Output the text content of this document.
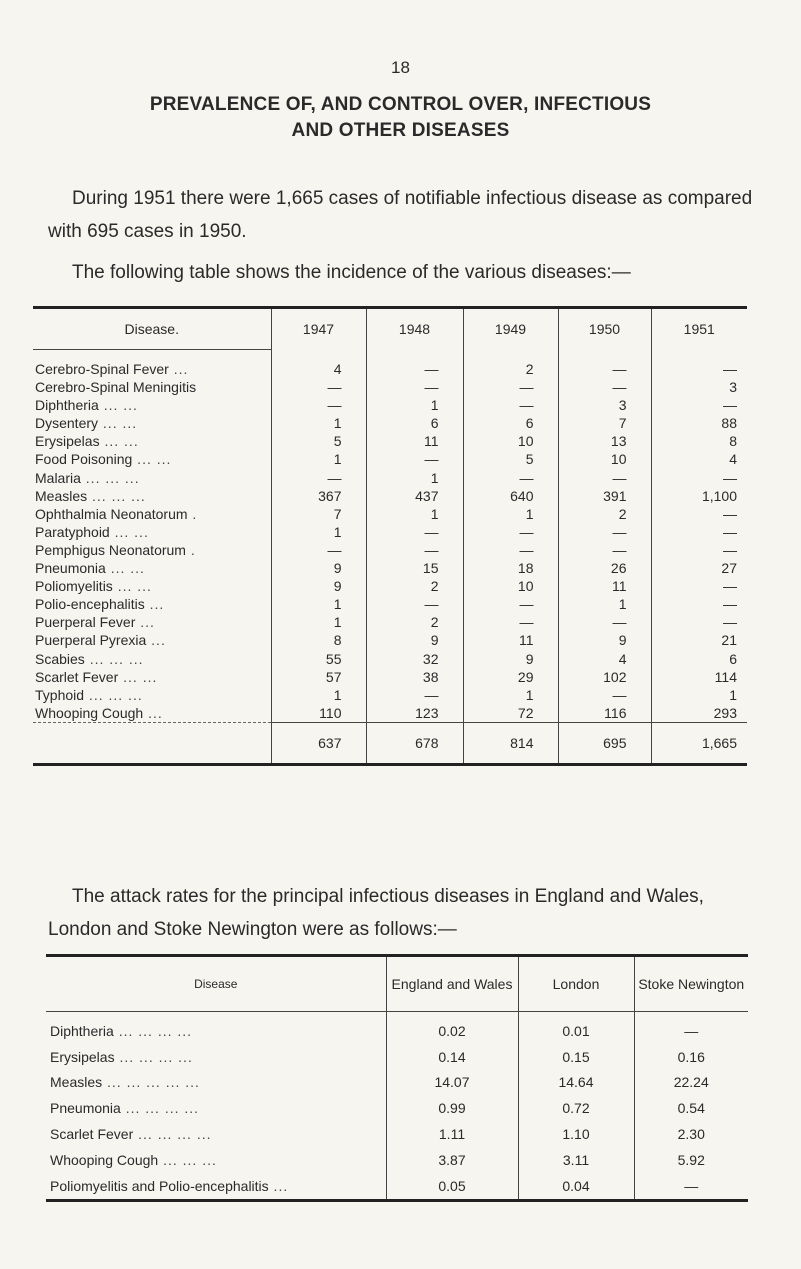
18
PREVALENCE OF, AND CONTROL OVER, INFECTIOUS
AND OTHER DISEASES

During 1951 there were 1,665 cases of notifiable infectious disease as compared with 695 cases in 1950.

The following table shows the incidence of the various diseases:—

Disease.	1947	1948	1949	1950	1951

Cerebro-Spinal Fever ...	4	—	2	—	—
Cerebro-Spinal Meningitis	—	—	—	—	3
Diphtheria ... ...	—	1	—	3	—
Dysentery ... ...	1	6	6	7	88
Erysipelas ... ...	5	11	10	13	8
Food Poisoning ... ...	1	—	5	10	4
Malaria ... ... ...	—	1	—	—	—
Measles ... ... ...	367	437	640	391	1,100
Ophthalmia Neonatorum .	7	1	1	2	—
Paratyphoid ... ...	1	—	—	—	—
Pemphigus Neonatorum .	—	—	—	—	—
Pneumonia ... ...	9	15	18	26	27
Poliomyelitis ... ...	9	2	10	11	—
Polio-encephalitis ...	1	—	—	1	—
Puerperal Fever ...	1	2	—	—	—
Puerperal Pyrexia ...	8	9	11	9	21
Scabies ... ... ...	55	32	9	4	6
Scarlet Fever ... ...	57	38	29	102	114
Typhoid ... ... ...	1	—	1	—	1
Whooping Cough ...	110	123	72	116	293
	637	678	814	695	1,665

The attack rates for the principal infectious diseases in England and Wales, London and Stoke Newington were as follows:—

Disease	England and Wales	London	Stoke Newington
Diphtheria ... ... ... ...	0.02	0.01	—
Erysipelas ... ... ... ...	0.14	0.15	0.16
Measles ... ... ... ... ...	14.07	14.64	22.24
Pneumonia ... ... ... ...	0.99	0.72	0.54
Scarlet Fever ... ... ... ...	1.11	1.10	2.30
Whooping Cough ... ... ...	3.87	3.11	5.92
Poliomyelitis and Polio-encephalitis ...	0.05	0.04	—
